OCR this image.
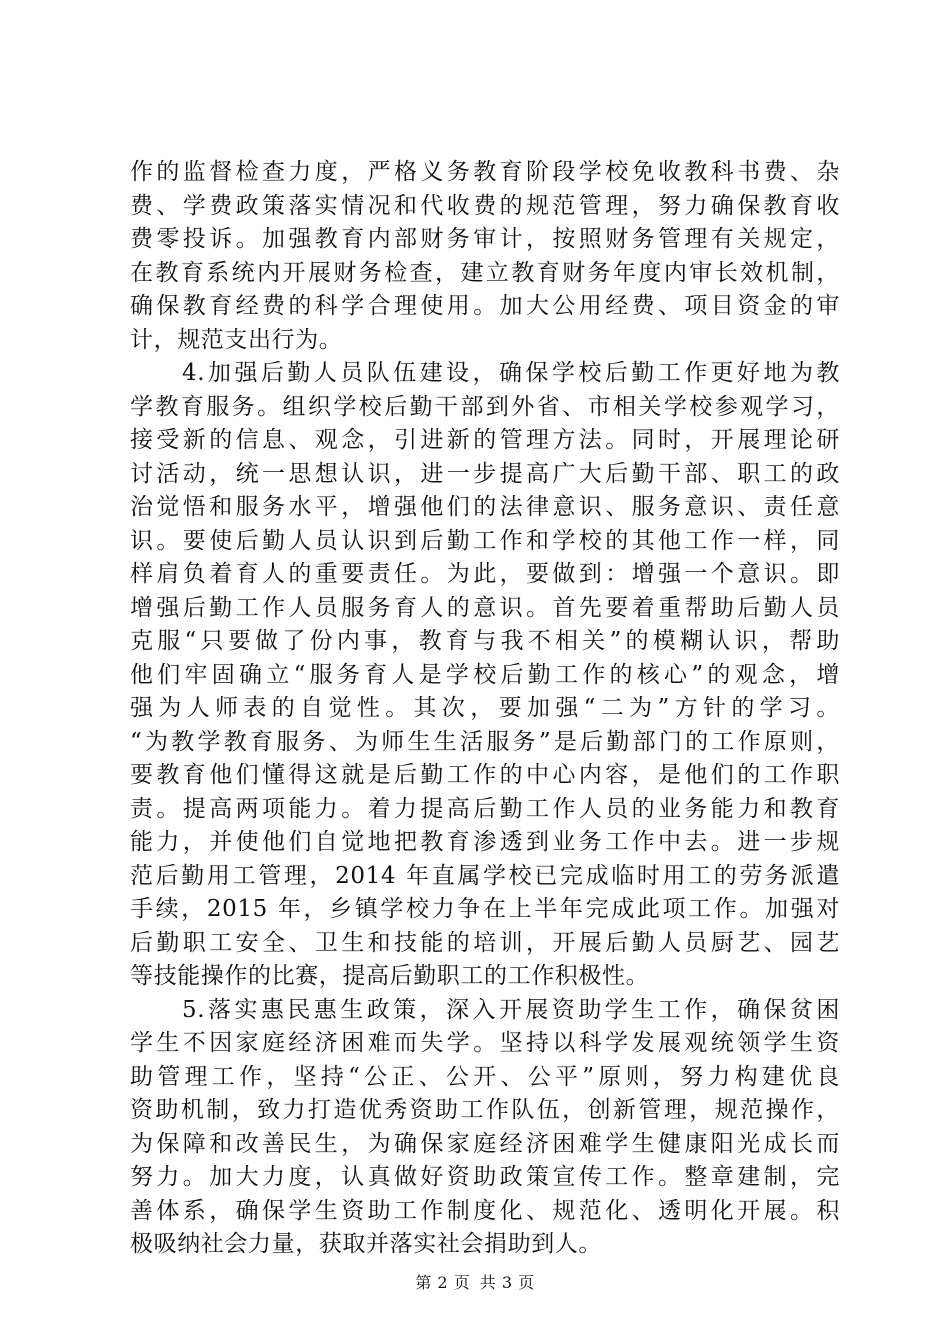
作的监督检查力度，严格义务教育阶段学校免收教科书费、杂
费、学费政策落实情况和代收费的规范管理，努力确保教育收
费零投诉。加强教育内部财务审计，按照财务管理有关规定，
在教育系统内开展财务检查，建立教育财务年度内审长效机制，
确保教育经费的科学合理使用。加大公用经费、项目资金的审
计，规范支出行为。
4.加强后勤人员队伍建设，确保学校后勤工作更好地为教
学教育服务。组织学校后勤干部到外省、市相关学校参观学习，
接受新的信息、观念，引进新的管理方法。同时，开展理论研
讨活动，统一思想认识，进一步提高广大后勤干部、职工的政
治觉悟和服务水平，增强他们的法律意识、服务意识、责任意
识。要使后勤人员认识到后勤工作和学校的其他工作一样，同
样肩负着育人的重要责任。为此，要做到：增强一个意识。即
增强后勤工作人员服务育人的意识。首先要着重帮助后勤人员
克服“只要做了份内事，教育与我不相关”的模糊认识，帮助
他们牢固确立“服务育人是学校后勤工作的核心”的观念，增
强为人师表的自觉性。其次，要加强“二为”方针的学习。
“为教学教育服务、为师生生活服务”是后勤部门的工作原则，
要教育他们懂得这就是后勤工作的中心内容，是他们的工作职
责。提高两项能力。着力提高后勤工作人员的业务能力和教育
能力，并使他们自觉地把教育渗透到业务工作中去。进一步规
范后勤用工管理，2014 年直属学校已完成临时用工的劳务派遣
手续，2015 年，乡镇学校力争在上半年完成此项工作。加强对
后勤职工安全、卫生和技能的培训，开展后勤人员厨艺、园艺
等技能操作的比赛，提高后勤职工的工作积极性。
5.落实惠民惠生政策，深入开展资助学生工作，确保贫困
学生不因家庭经济困难而失学。坚持以科学发展观统领学生资
助管理工作，坚持“公正、公开、公平”原则，努力构建优良
资助机制，致力打造优秀资助工作队伍，创新管理，规范操作，
为保障和改善民生，为确保家庭经济困难学生健康阳光成长而
努力。加大力度，认真做好资助政策宣传工作。整章建制，完
善体系，确保学生资助工作制度化、规范化、透明化开展。积
极吸纳社会力量，获取并落实社会捐助到人。
第 2 页 共 3 页
